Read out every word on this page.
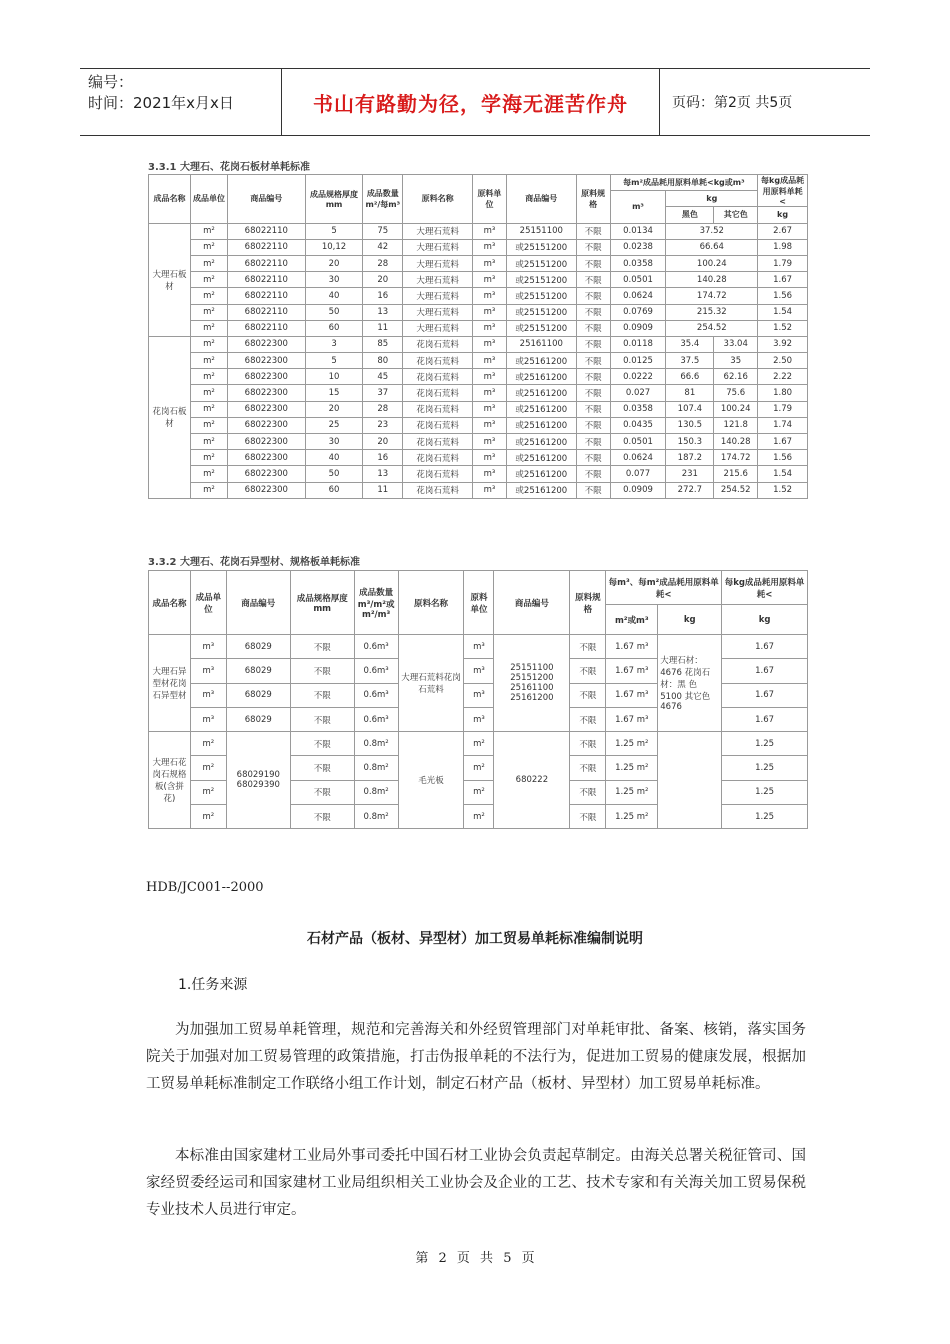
编号：
时间：2021年x月x日	书山有路勤为径，学海无涯苦作舟	页码：第2页 共5页
3.3.1 大理石、花岗石板材单耗标准
成品名称	成品单位	商品编号	成品规格厚度mm	成品数量m²/每m³	原料名称	原料单位	商品编号	原料规格	每m²成品耗用原料单耗<kg或m³			每kg成品耗用原料单耗<
									m³	kg		
										黑色	其它色	kg
大理石板材	m²	68022110	5	75	大理石荒料	m³	25151100	不限	0.0134	37.52		2.67
	m²	68022110	10,12	42	大理石荒料	m³	或25151200	不限	0.0238	66.64		1.98
	m²	68022110	20	28	大理石荒料	m³	或25151200	不限	0.0358	100.24		1.79
	m²	68022110	30	20	大理石荒料	m³	或25151200	不限	0.0501	140.28		1.67
	m²	68022110	40	16	大理石荒料	m³	或25151200	不限	0.0624	174.72		1.56
	m²	68022110	50	13	大理石荒料	m³	或25151200	不限	0.0769	215.32		1.54
	m²	68022110	60	11	大理石荒料	m³	或25151200	不限	0.0909	254.52		1.52
花岗石板材	m²	68022300	3	85	花岗石荒料	m³	25161100	不限	0.0118	35.4	33.04	3.92
	m²	68022300	5	80	花岗石荒料	m³	或25161200	不限	0.0125	37.5	35	2.50
	m²	68022300	10	45	花岗石荒料	m³	或25161200	不限	0.0222	66.6	62.16	2.22
	m²	68022300	15	37	花岗石荒料	m³	或25161200	不限	0.027	81	75.6	1.80
	m²	68022300	20	28	花岗石荒料	m³	或25161200	不限	0.0358	107.4	100.24	1.79
	m²	68022300	25	23	花岗石荒料	m³	或25161200	不限	0.0435	130.5	121.8	1.74
	m²	68022300	30	20	花岗石荒料	m³	或25161200	不限	0.0501	150.3	140.28	1.67
	m²	68022300	40	16	花岗石荒料	m³	或25161200	不限	0.0624	187.2	174.72	1.56
	m²	68022300	50	13	花岗石荒料	m³	或25161200	不限	0.077	231	215.6	1.54
	m²	68022300	60	11	花岗石荒料	m³	或25161200	不限	0.0909	272.7	254.52	1.52
3.3.2 大理石、花岗石异型材、规格板单耗标准
成品名称	成品单位	商品编号	成品规格厚度mm	成品数量m³/m²或m²/m³	原料名称	原料单位	商品编号	原料规格	每m³、每m²成品耗用原料单耗<		每kg成品耗用原料单耗<
									m²或m³	kg	kg
大理石异型材花岗石异型材	m³	68029	不限	0.6m³	大理石荒料花岗石荒料	m³	25151100 25151200 25161100 25161200	不限	1.67 m³	大理石材：4676 花岗石材：黑 色 5100 其它色 4676	1.67
	m³	68029	不限	0.6m³		m³		不限	1.67 m³		1.67
	m³	68029	不限	0.6m³		m³		不限	1.67 m³		1.67
	m³	68029	不限	0.6m³		m³		不限	1.67 m³		1.67
大理石花岗石规格板(含拼花)	m²	68029190 68029390	不限	0.8m²	毛光板	m²	680222	不限	1.25 m²		1.25
	m²		不限	0.8m²		m²		不限	1.25 m²		1.25
	m²		不限	0.8m²		m²		不限	1.25 m²		1.25
	m²		不限	0.8m²		m²		不限	1.25 m²		1.25
HDB/JC001--2000
石材产品（板材、异型材）加工贸易单耗标准编制说明
1.任务来源
为加强加工贸易单耗管理，规范和完善海关和外经贸管理部门对单耗审批、备案、核销，落实国务院关于加强对加工贸易管理的政策措施，打击伪报单耗的不法行为，促进加工贸易的健康发展，根据加工贸易单耗标准制定工作联络小组工作计划，制定石材产品（板材、异型材）加工贸易单耗标准。
本标准由国家建材工业局外事司委托中国石材工业协会负责起草制定。由海关总署关税征管司、国家经贸委经运司和国家建材工业局组织相关工业协会及企业的工艺、技术专家和有关海关加工贸易保税专业技术人员进行审定。
第 2 页 共 5 页
